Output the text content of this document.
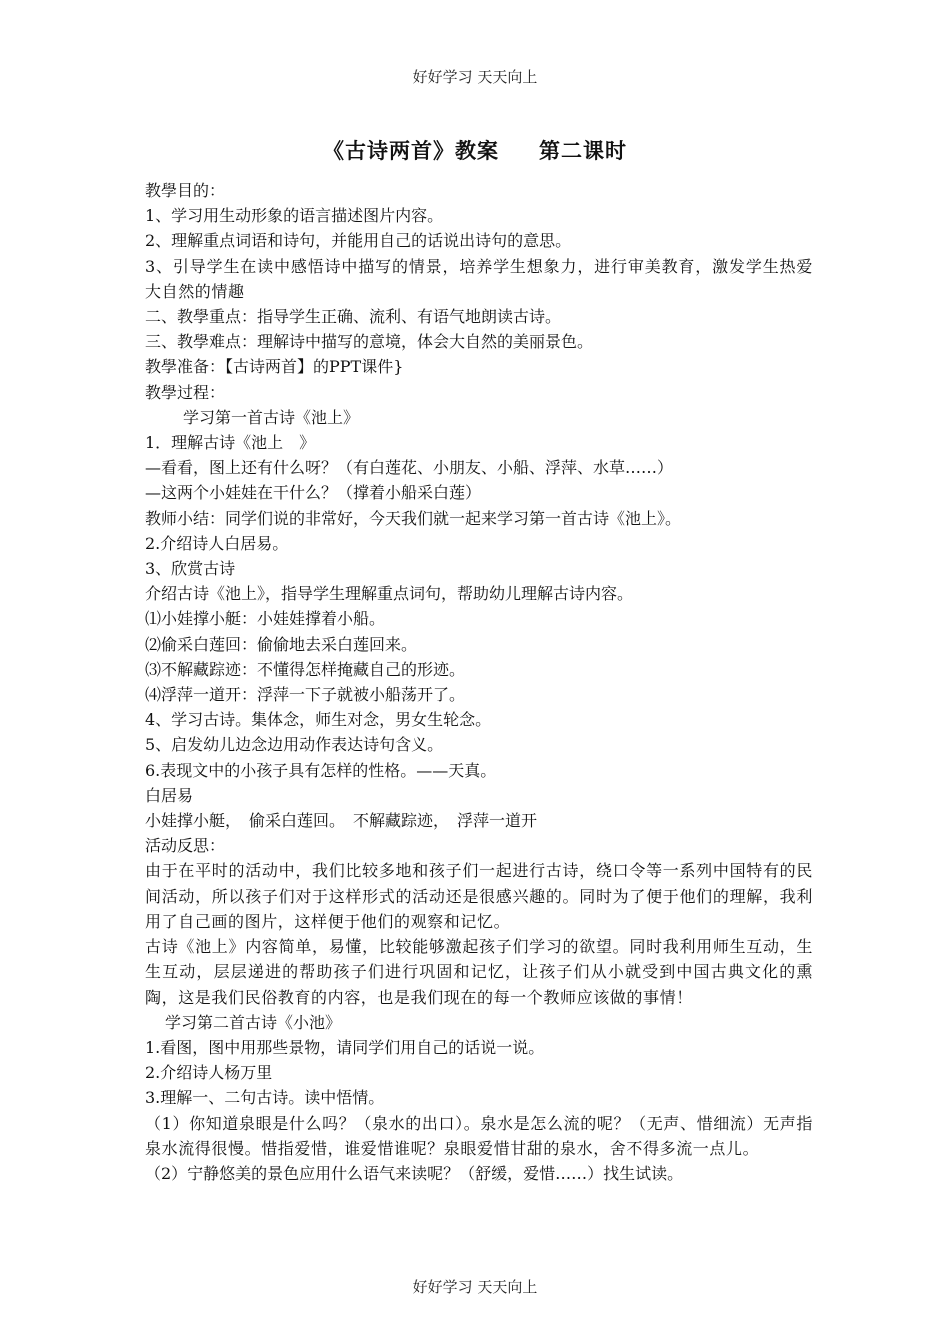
好好学习 天天向上
《古诗两首》教案 第二课时
教學目的：
1、学习用生动形象的语言描述图片内容。
2、理解重点词语和诗句，并能用自己的话说出诗句的意思。
3、引导学生在读中感悟诗中描写的情景，培养学生想象力，进行审美教育，激发学生热爱大自然的情趣
二、教學重点：指导学生正确、流利、有语气地朗读古诗。
三、教學难点：理解诗中描写的意境，体会大自然的美丽景色。
教學准备：【古诗两首】的PPT课件}
教學过程：
学习第一首古诗《池上》
1．理解古诗《池上　》
—看看，图上还有什么呀？（有白莲花、小朋友、小船、浮萍、水草……）
—这两个小娃娃在干什么？（撑着小船采白莲）
教师小结：同学们说的非常好，今天我们就一起来学习第一首古诗《池上》。
2.介绍诗人白居易。
3、欣赏古诗
介绍古诗《池上》，指导学生理解重点词句，帮助幼儿理解古诗内容。
⑴小娃撑小艇：小娃娃撑着小船。
⑵偷采白莲回：偷偷地去采白莲回来。
⑶不解藏踪迹：不懂得怎样掩藏自己的形迹。
⑷浮萍一道开：浮萍一下子就被小船荡开了。
4、学习古诗。集体念，师生对念，男女生轮念。
5、启发幼儿边念边用动作表达诗句含义。
6.表现文中的小孩子具有怎样的性格。——天真。
白居易
小娃撑小艇，　偷采白莲回。　不解藏踪迹，　浮萍一道开
活动反思：
由于在平时的活动中，我们比较多地和孩子们一起进行古诗，绕口令等一系列中国特有的民间活动，所以孩子们对于这样形式的活动还是很感兴趣的。同时为了便于他们的理解，我利用了自己画的图片，这样便于他们的观察和记忆。
古诗《池上》内容简单，易懂，比较能够激起孩子们学习的欲望。同时我利用师生互动，生生互动，层层递进的帮助孩子们进行巩固和记忆，让孩子们从小就受到中国古典文化的熏陶，这是我们民俗教育的内容，也是我们现在的每一个教师应该做的事情！
学习第二首古诗《小池》
1.看图，图中用那些景物，请同学们用自己的话说一说。
2.介绍诗人杨万里
3.理解一、二句古诗。读中悟情。
（1）你知道泉眼是什么吗？（泉水的出口）。泉水是怎么流的呢？（无声、惜细流）无声指泉水流得很慢。惜指爱惜，谁爱惜谁呢？泉眼爱惜甘甜的泉水，舍不得多流一点儿。
（2）宁静悠美的景色应用什么语气来读呢？（舒缓，爱惜……）找生试读。
好好学习 天天向上
